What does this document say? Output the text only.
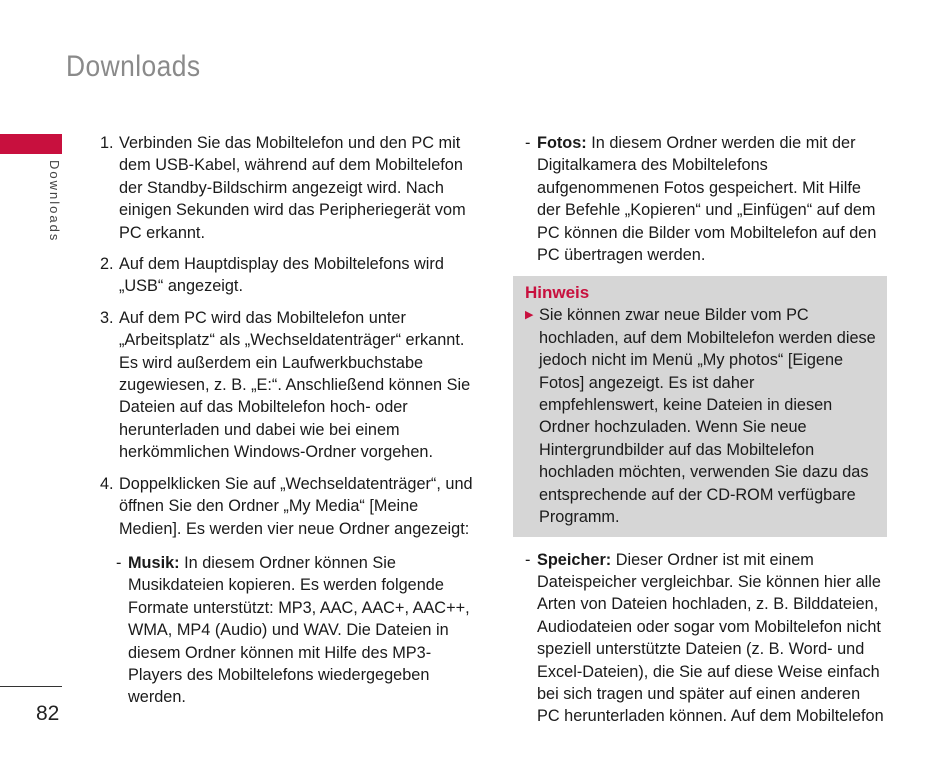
Downloads
Downloads
82
1. Verbinden Sie das Mobiltelefon und den PC mit dem USB-Kabel, während auf dem Mobiltelefon der Standby-Bildschirm angezeigt wird. Nach einigen Sekunden wird das Peripheriegerät vom PC erkannt.
2. Auf dem Hauptdisplay des Mobiltelefons wird „USB“ angezeigt.
3. Auf dem PC wird das Mobiltelefon unter „Arbeitsplatz“ als „Wechseldatenträger“ erkannt. Es wird außerdem ein Laufwerkbuchstabe zugewiesen, z. B. „E:“. Anschließend können Sie Dateien auf das Mobiltelefon hoch- oder herunterladen und dabei wie bei einem herkömmlichen Windows-Ordner vorgehen.
4. Doppelklicken Sie auf „Wechseldatenträger“, und öffnen Sie den Ordner „My Media“ [Meine Medien]. Es werden vier neue Ordner angezeigt:
- Musik: In diesem Ordner können Sie Musikdateien kopieren. Es werden folgende Formate unterstützt: MP3, AAC, AAC+, AAC++, WMA, MP4 (Audio) und WAV. Die Dateien in diesem Ordner können mit Hilfe des MP3-Players des Mobiltelefons wiedergegeben werden.
- Fotos: In diesem Ordner werden die mit der Digitalkamera des Mobiltelefons aufgenommenen Fotos gespeichert. Mit Hilfe der Befehle „Kopieren“ und „Einfügen“ auf dem PC können die Bilder vom Mobiltelefon auf den PC übertragen werden.
Hinweis
▶ Sie können zwar neue Bilder vom PC hochladen, auf dem Mobiltelefon werden diese jedoch nicht im Menü „My photos“ [Eigene Fotos] angezeigt. Es ist daher empfehlenswert, keine Dateien in diesen Ordner hochzuladen. Wenn Sie neue Hintergrundbilder auf das Mobiltelefon hochladen möchten, verwenden Sie dazu das entsprechende auf der CD-ROM verfügbare Programm.
- Speicher: Dieser Ordner ist mit einem Dateispeicher vergleichbar. Sie können hier alle Arten von Dateien hochladen, z. B. Bilddateien, Audiodateien oder sogar vom Mobiltelefon nicht speziell unterstützte Dateien (z. B. Word- und Excel-Dateien), die Sie auf diese Weise einfach bei sich tragen und später auf einen anderen PC herunterladen können. Auf dem Mobiltelefon
